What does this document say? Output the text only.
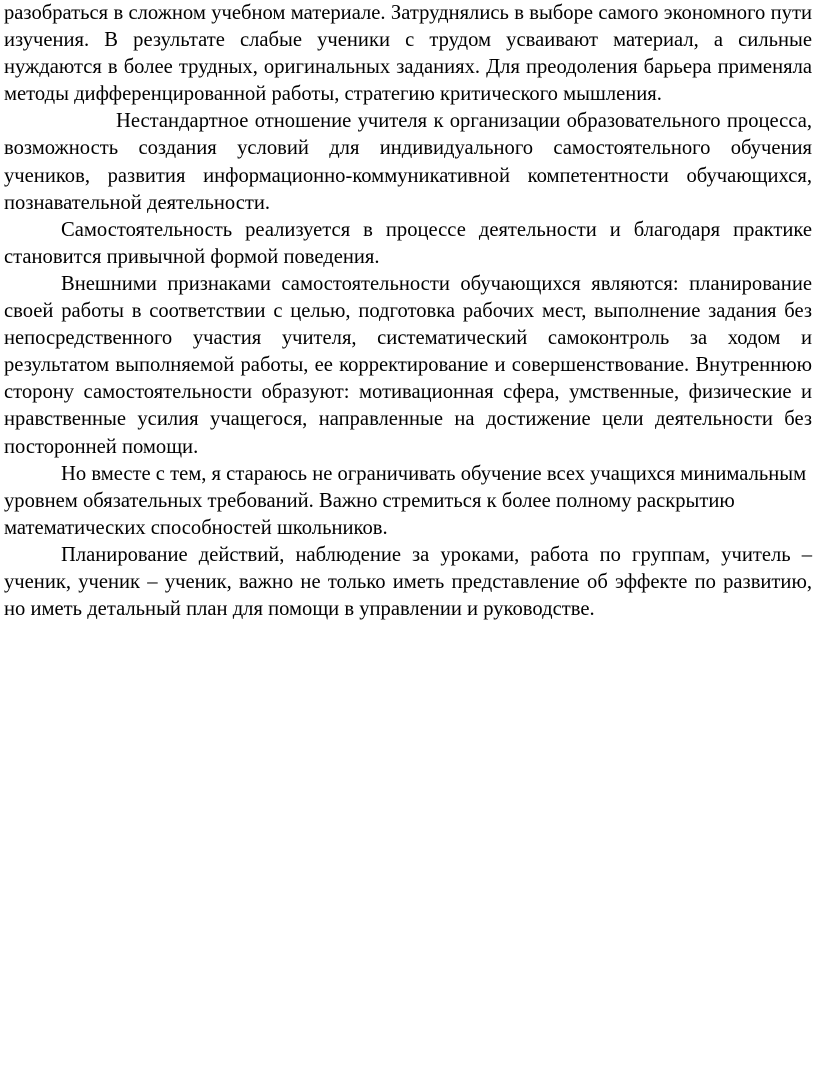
разобраться в сложном учебном материале. Затруднялись в выборе самого экономного пути изучения. В результате слабые ученики с трудом усваивают материал, а сильные нуждаются в более трудных, оригинальных заданиях. Для преодоления барьера применяла методы дифференцированной работы, стратегию критического мышления.

Нестандартное отношение учителя к организации образовательного процесса, возможность создания условий для индивидуального самостоятельного обучения учеников, развития информационно-коммуникативной компетентности обучающихся, познавательной деятельности.

Самостоятельность реализуется в процессе деятельности и благодаря практике становится привычной формой поведения.

Внешними признаками самостоятельности обучающихся являются: планирование своей работы в соответствии с целью, подготовка рабочих мест, выполнение задания без непосредственного участия учителя, систематический самоконтроль за ходом и результатом выполняемой работы, ее корректирование и совершенствование. Внутреннюю сторону самостоятельности образуют: мотивационная сфера, умственные, физические и нравственные усилия учащегося, направленные на достижение цели деятельности без посторонней помощи.

Но вместе с тем, я стараюсь не ограничивать обучение всех учащихся минимальным уровнем обязательных требований. Важно стремиться к более полному раскрытию математических способностей школьников.

Планирование действий, наблюдение за уроками, работа по группам, учитель – ученик, ученик – ученик, важно не только иметь представление об эффекте по развитию, но иметь детальный план для помощи в управлении и руководстве.
